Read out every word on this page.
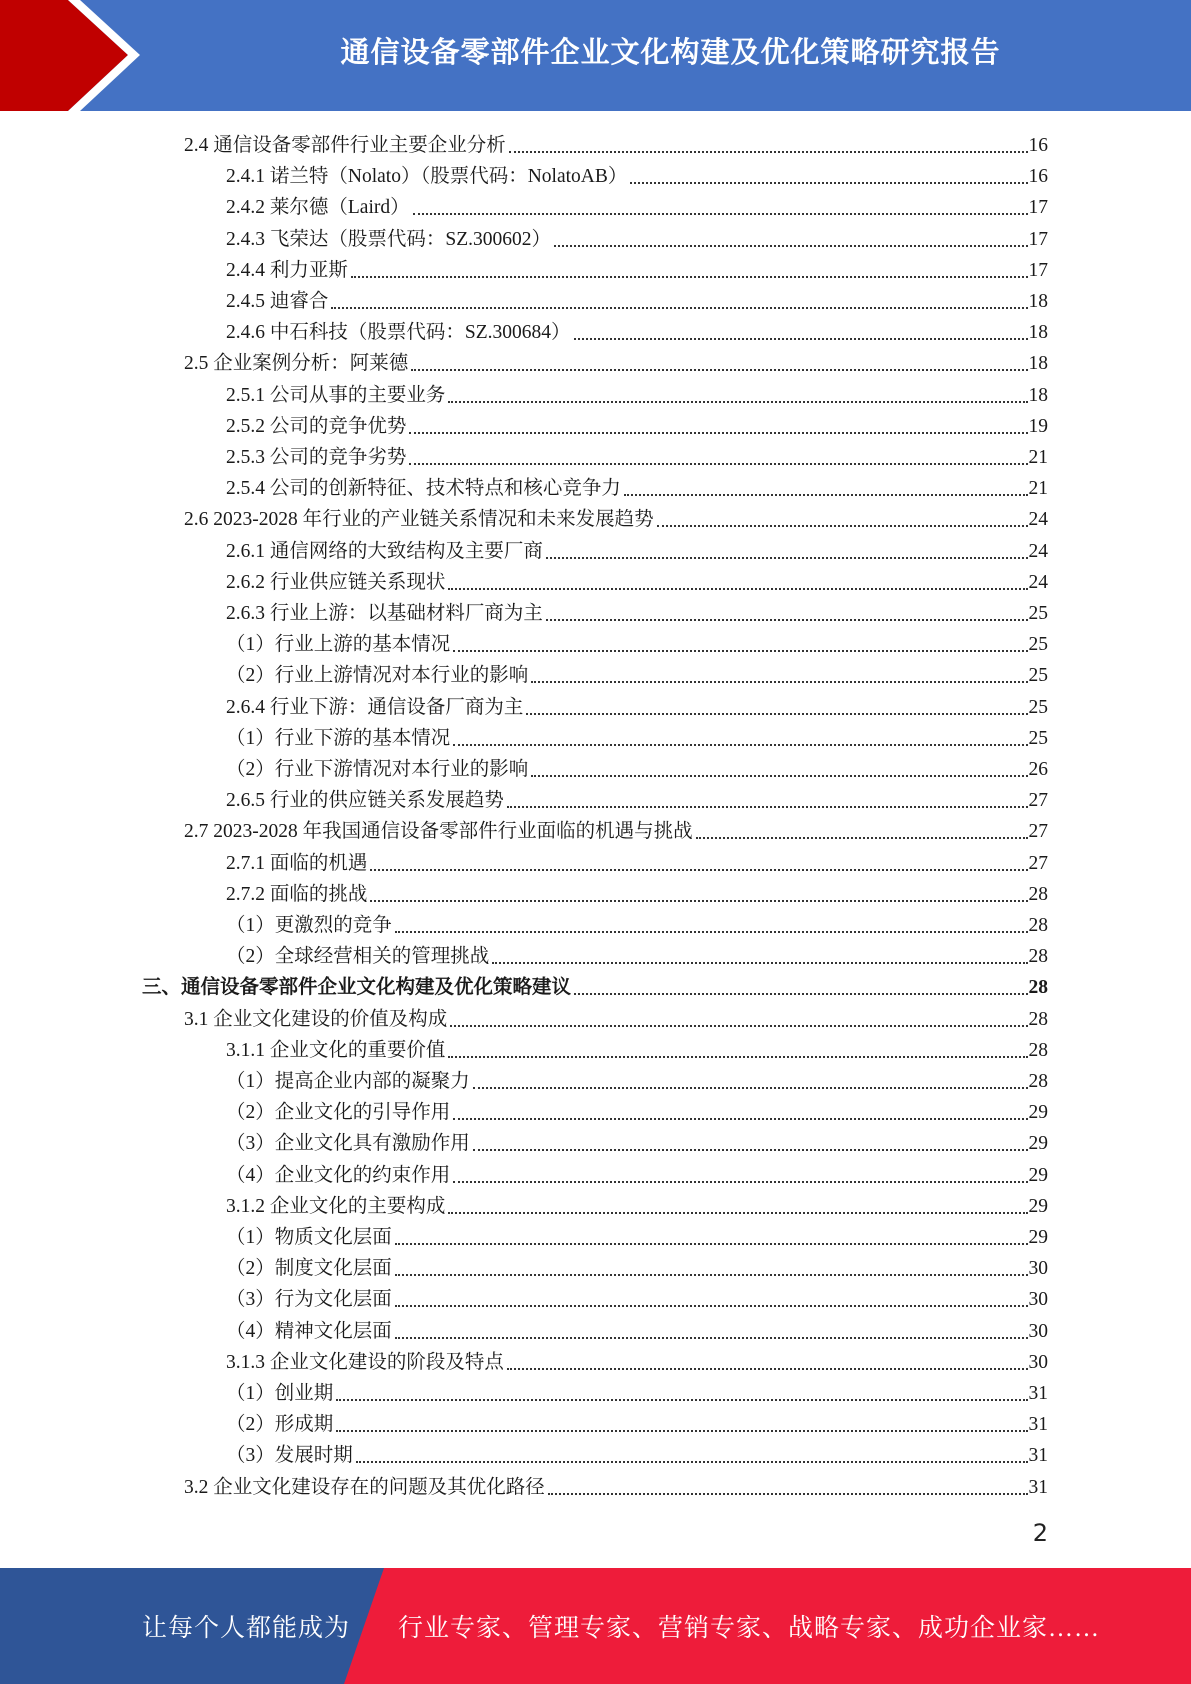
通信设备零部件企业文化构建及优化策略研究报告
2.4 通信设备零部件行业主要企业分析	16
2.4.1 诺兰特（Nolato）（股票代码：NolatoAB）	16
2.4.2 莱尔德（Laird）	17
2.4.3 飞荣达（股票代码：SZ.300602）	17
2.4.4 利力亚斯	17
2.4.5 迪睿合	18
2.4.6 中石科技（股票代码：SZ.300684）	18
2.5 企业案例分析：阿莱德	18
2.5.1 公司从事的主要业务	18
2.5.2 公司的竞争优势	19
2.5.3 公司的竞争劣势	21
2.5.4 公司的创新特征、技术特点和核心竞争力	21
2.6 2023-2028 年行业的产业链关系情况和未来发展趋势	24
2.6.1 通信网络的大致结构及主要厂商	24
2.6.2 行业供应链关系现状	24
2.6.3 行业上游：以基础材料厂商为主	25
（1）行业上游的基本情况	25
（2）行业上游情况对本行业的影响	25
2.6.4 行业下游：通信设备厂商为主	25
（1）行业下游的基本情况	25
（2）行业下游情况对本行业的影响	26
2.6.5 行业的供应链关系发展趋势	27
2.7 2023-2028 年我国通信设备零部件行业面临的机遇与挑战	27
2.7.1 面临的机遇	27
2.7.2 面临的挑战	28
（1）更激烈的竞争	28
（2）全球经营相关的管理挑战	28
三、通信设备零部件企业文化构建及优化策略建议	28
3.1 企业文化建设的价值及构成	28
3.1.1 企业文化的重要价值	28
（1）提高企业内部的凝聚力	28
（2）企业文化的引导作用	29
（3）企业文化具有激励作用	29
（4）企业文化的约束作用	29
3.1.2 企业文化的主要构成	29
（1）物质文化层面	29
（2）制度文化层面	30
（3）行为文化层面	30
（4）精神文化层面	30
3.1.3 企业文化建设的阶段及特点	30
（1）创业期	31
（2）形成期	31
（3）发展时期	31
3.2 企业文化建设存在的问题及其优化路径	31
2
让每个人都能成为 行业专家、管理专家、营销专家、战略专家、成功企业家……
